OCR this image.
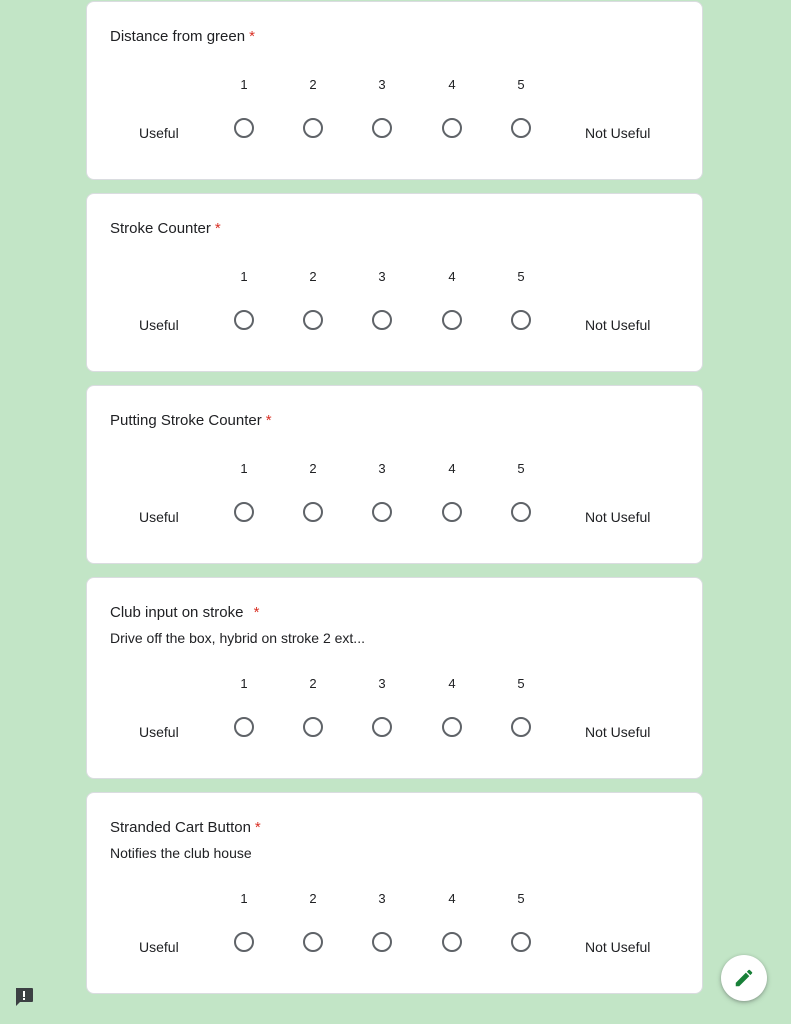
Distance from green *
1	2	3	4	5
Useful	Not Useful
Stroke Counter *
1	2	3	4	5
Useful	Not Useful
Putting Stroke Counter *
1	2	3	4	5
Useful	Not Useful
Club input on stroke *
Drive off the box, hybrid on stroke 2 ext...
1	2	3	4	5
Useful	Not Useful
Stranded Cart Button *
Notifies the club house
1	2	3	4	5
Useful	Not Useful
